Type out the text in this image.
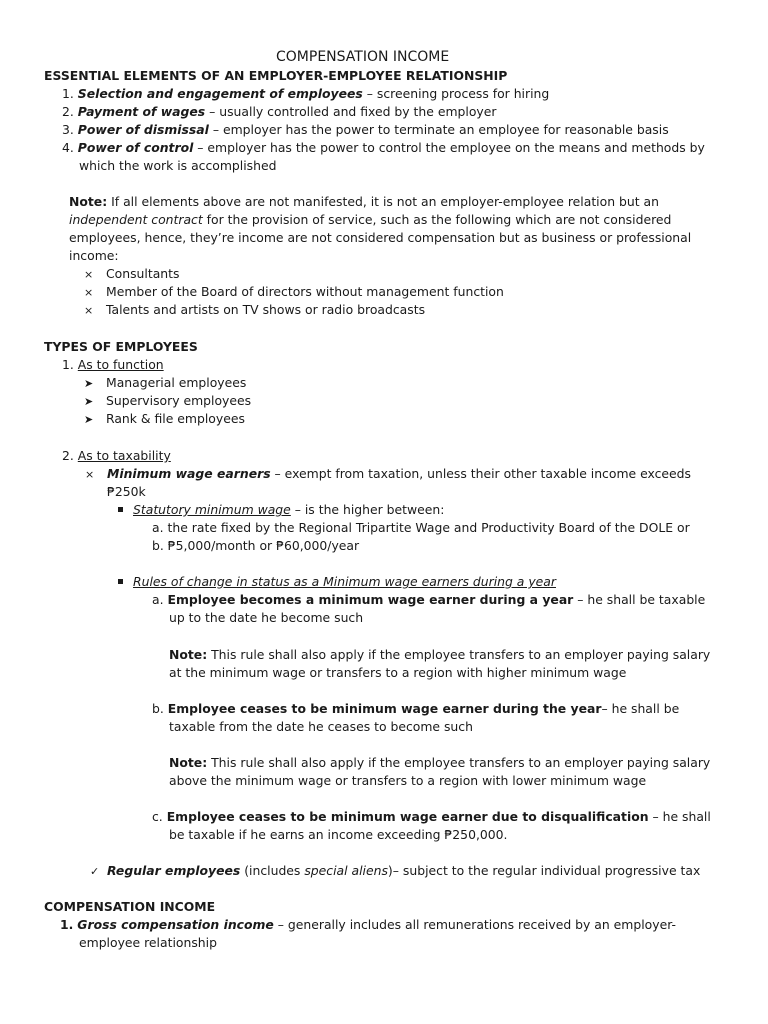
COMPENSATION INCOME
ESSENTIAL ELEMENTS OF AN EMPLOYER-EMPLOYEE RELATIONSHIP
1. Selection and engagement of employees – screening process for hiring
2. Payment of wages – usually controlled and fixed by the employer
3. Power of dismissal – employer has the power to terminate an employee for reasonable basis
4. Power of control – employer has the power to control the employee on the means and methods by
which the work is accomplished
Note: If all elements above are not manifested, it is not an employer-employee relation but an
independent contract for the provision of service, such as the following which are not considered
employees, hence, they’re income are not considered compensation but as business or professional
income:
× Consultants
× Member of the Board of directors without management function
× Talents and artists on TV shows or radio broadcasts
TYPES OF EMPLOYEES
1. As to function
➤ Managerial employees
➤ Supervisory employees
➤ Rank & file employees
2. As to taxability
× Minimum wage earners – exempt from taxation, unless their other taxable income exceeds
₱250k
Statutory minimum wage – is the higher between:
a. the rate fixed by the Regional Tripartite Wage and Productivity Board of the DOLE or
b. ₱5,000/month or ₱60,000/year
Rules of change in status as a Minimum wage earners during a year
a. Employee becomes a minimum wage earner during a year – he shall be taxable
up to the date he become such
Note: This rule shall also apply if the employee transfers to an employer paying salary
at the minimum wage or transfers to a region with higher minimum wage
b. Employee ceases to be minimum wage earner during the year– he shall be
taxable from the date he ceases to become such
Note: This rule shall also apply if the employee transfers to an employer paying salary
above the minimum wage or transfers to a region with lower minimum wage
c. Employee ceases to be minimum wage earner due to disqualification – he shall
be taxable if he earns an income exceeding ₱250,000.
✓ Regular employees (includes special aliens)– subject to the regular individual progressive tax
COMPENSATION INCOME
1. Gross compensation income – generally includes all remunerations received by an employer-
employee relationship
